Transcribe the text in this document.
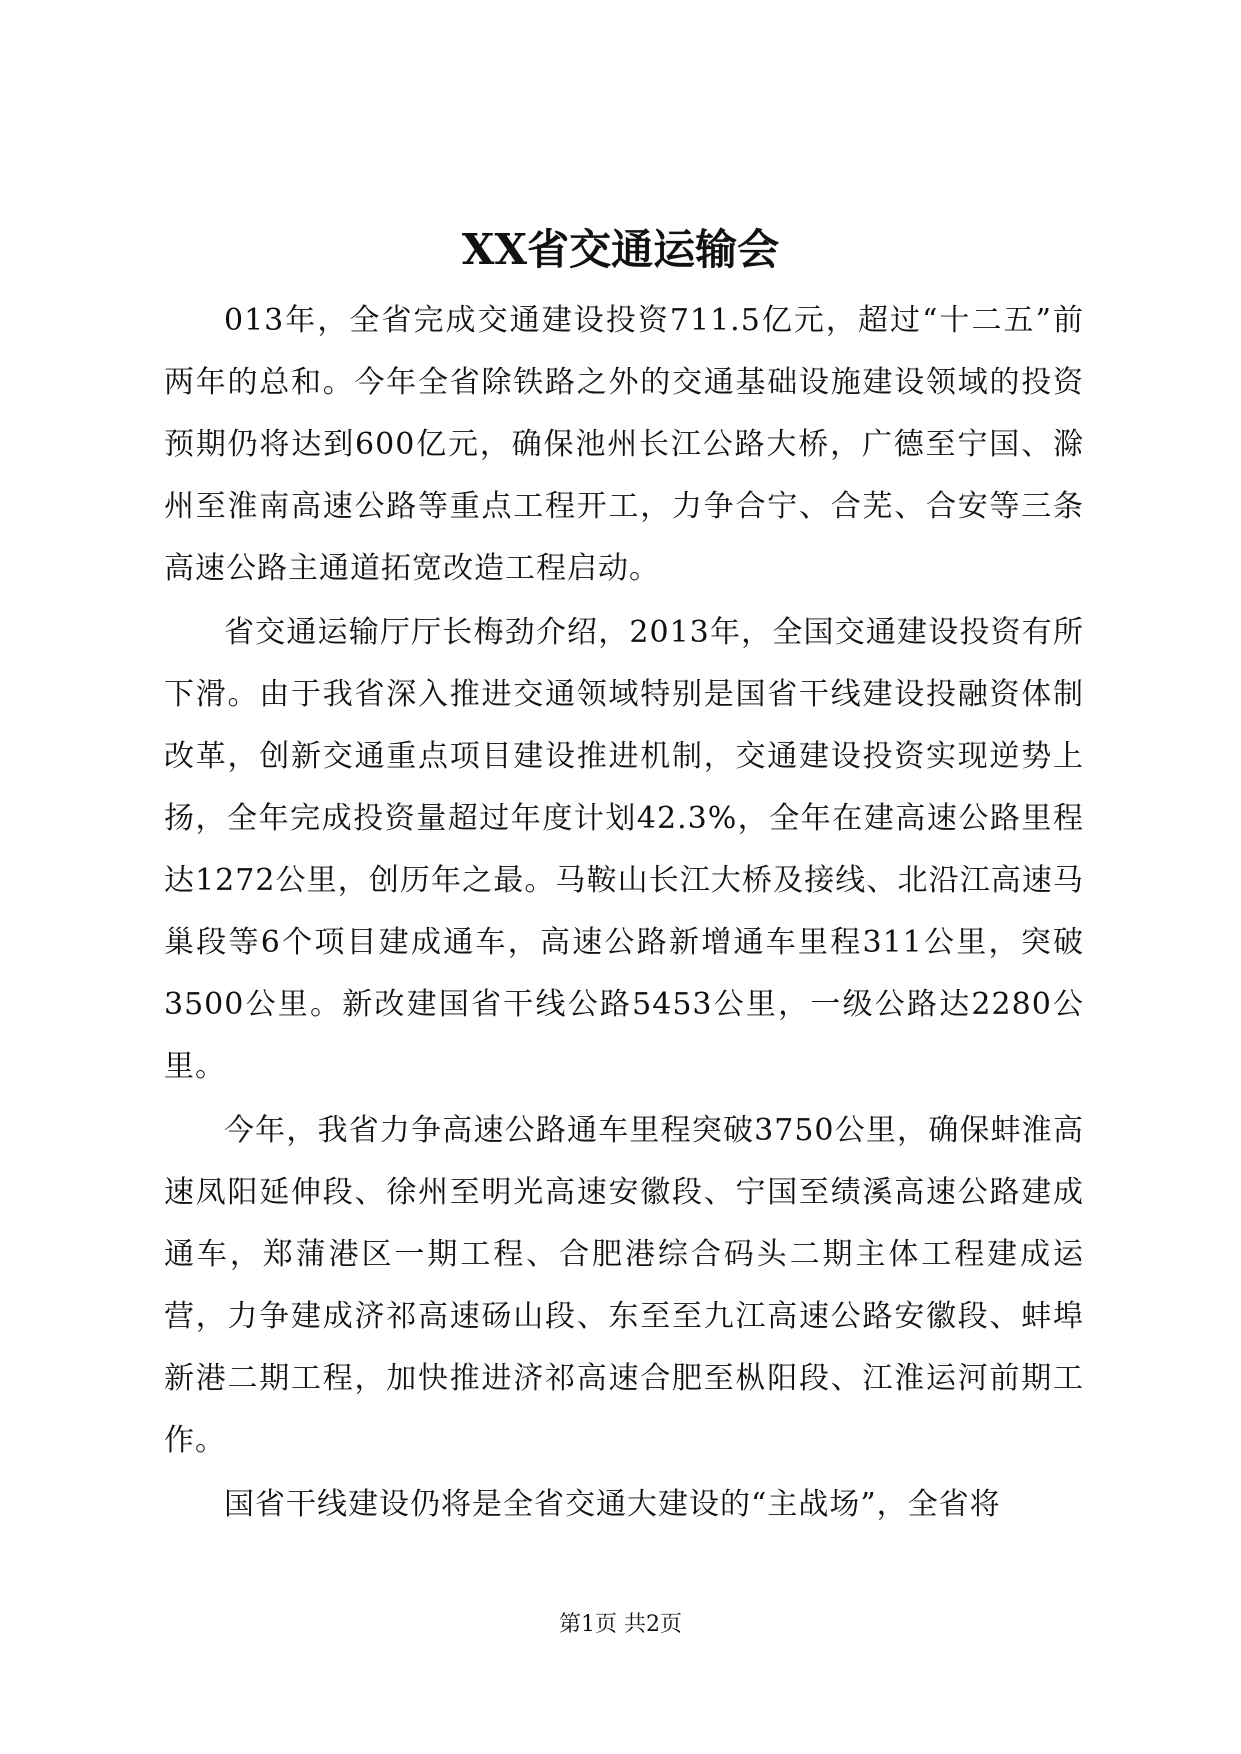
XX省交通运输会

013年，全省完成交通建设投资711.5亿元，超过“十二五”前两年的总和。今年全省除铁路之外的交通基础设施建设领域的投资预期仍将达到600亿元，确保池州长江公路大桥，广德至宁国、滁州至淮南高速公路等重点工程开工，力争合宁、合芜、合安等三条高速公路主通道拓宽改造工程启动。

省交通运输厅厅长梅劲介绍，2013年，全国交通建设投资有所下滑。由于我省深入推进交通领域特别是国省干线建设投融资体制改革，创新交通重点项目建设推进机制，交通建设投资实现逆势上扬，全年完成投资量超过年度计划42.3%，全年在建高速公路里程达1272公里，创历年之最。马鞍山长江大桥及接线、北沿江高速马巢段等6个项目建成通车，高速公路新增通车里程311公里，突破3500公里。新改建国省干线公路5453公里，一级公路达2280公里。

今年，我省力争高速公路通车里程突破3750公里，确保蚌淮高速凤阳延伸段、徐州至明光高速安徽段、宁国至绩溪高速公路建成通车，郑蒲港区一期工程、合肥港综合码头二期主体工程建成运营，力争建成济祁高速砀山段、东至至九江高速公路安徽段、蚌埠新港二期工程，加快推进济祁高速合肥至枞阳段、江淮运河前期工作。

国省干线建设仍将是全省交通大建设的“主战场”，全省将

第1页 共2页
